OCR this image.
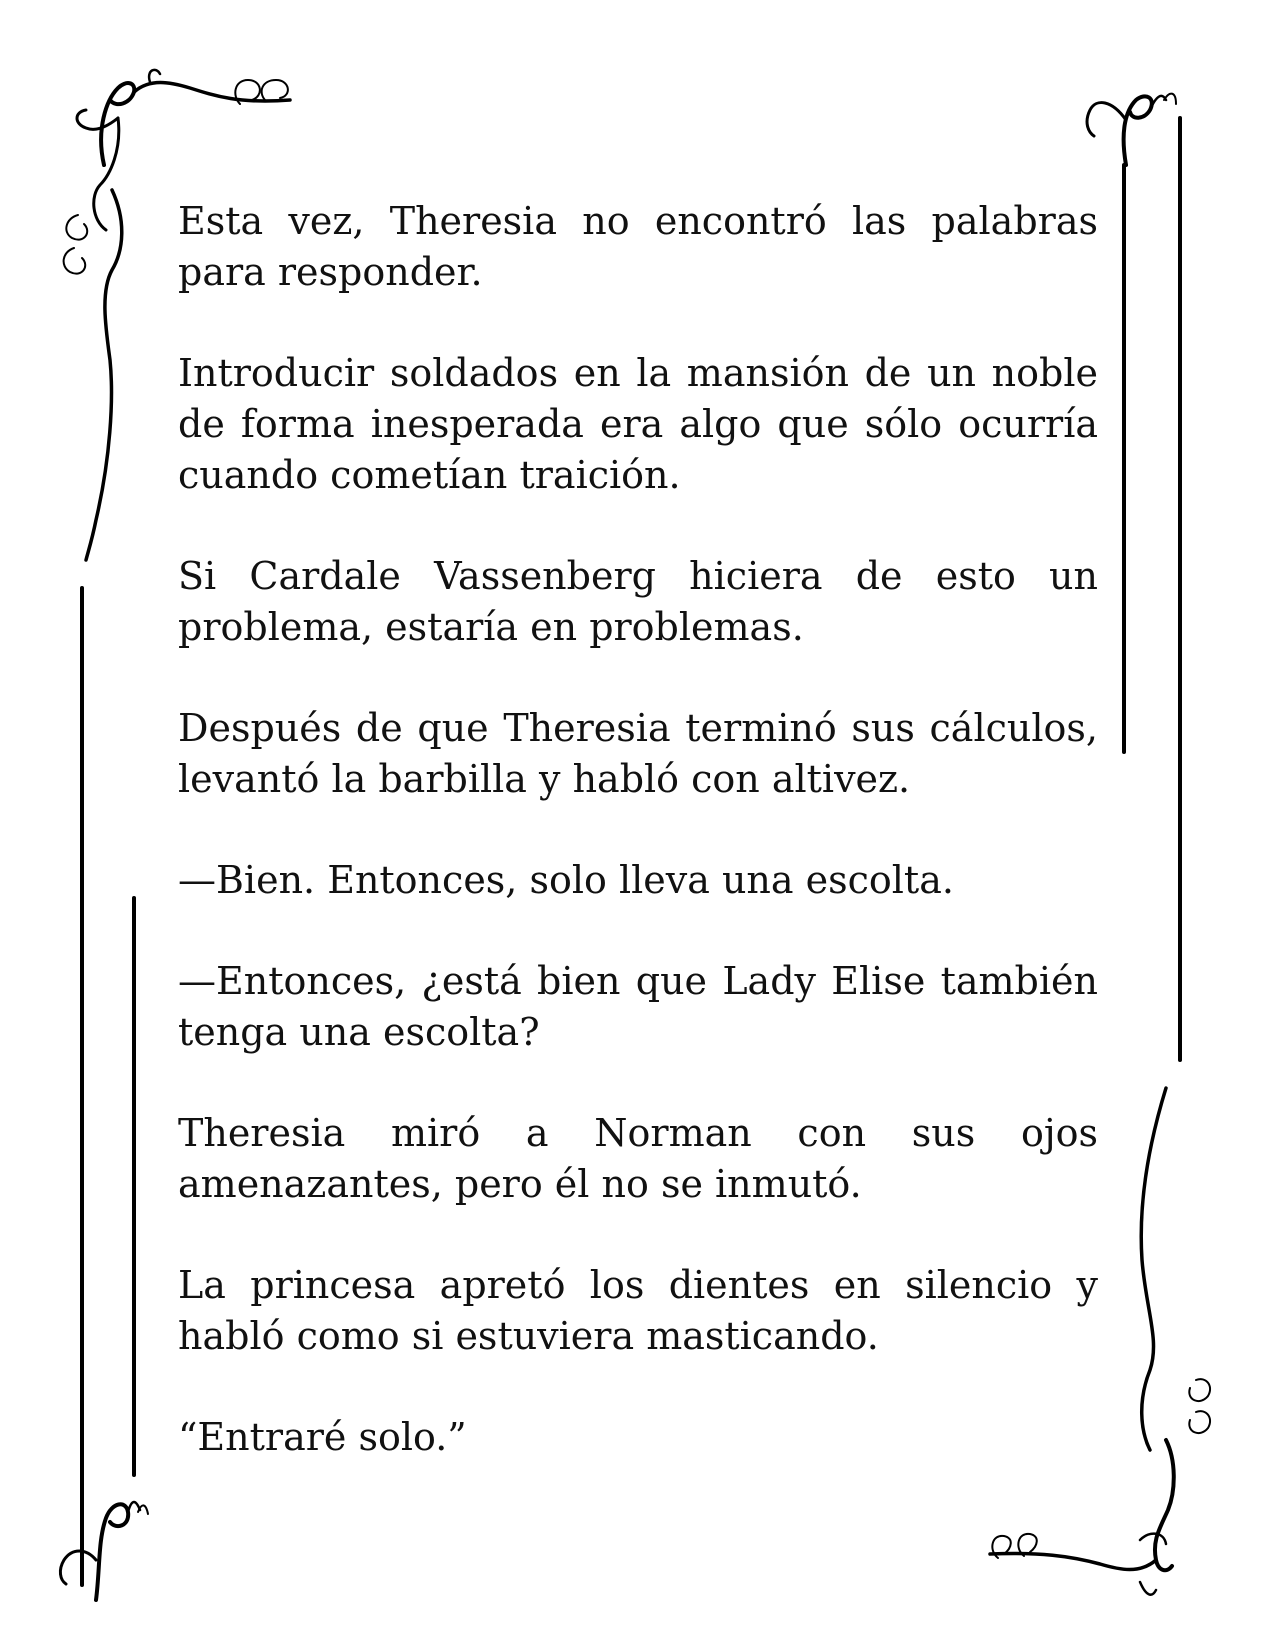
Esta vez, Theresia no encontró las palabras para responder.

Introducir soldados en la mansión de un noble de forma inesperada era algo que sólo ocurría cuando cometían traición.

Si Cardale Vassenberg hiciera de esto un problema, estaría en problemas.

Después de que Theresia terminó sus cálculos, levantó la barbilla y habló con altivez.

—Bien. Entonces, solo lleva una escolta.

—Entonces, ¿está bien que Lady Elise también tenga una escolta?

Theresia miró a Norman con sus ojos amenazantes, pero él no se inmutó.

La princesa apretó los dientes en silencio y habló como si estuviera masticando.

“Entraré solo.”
